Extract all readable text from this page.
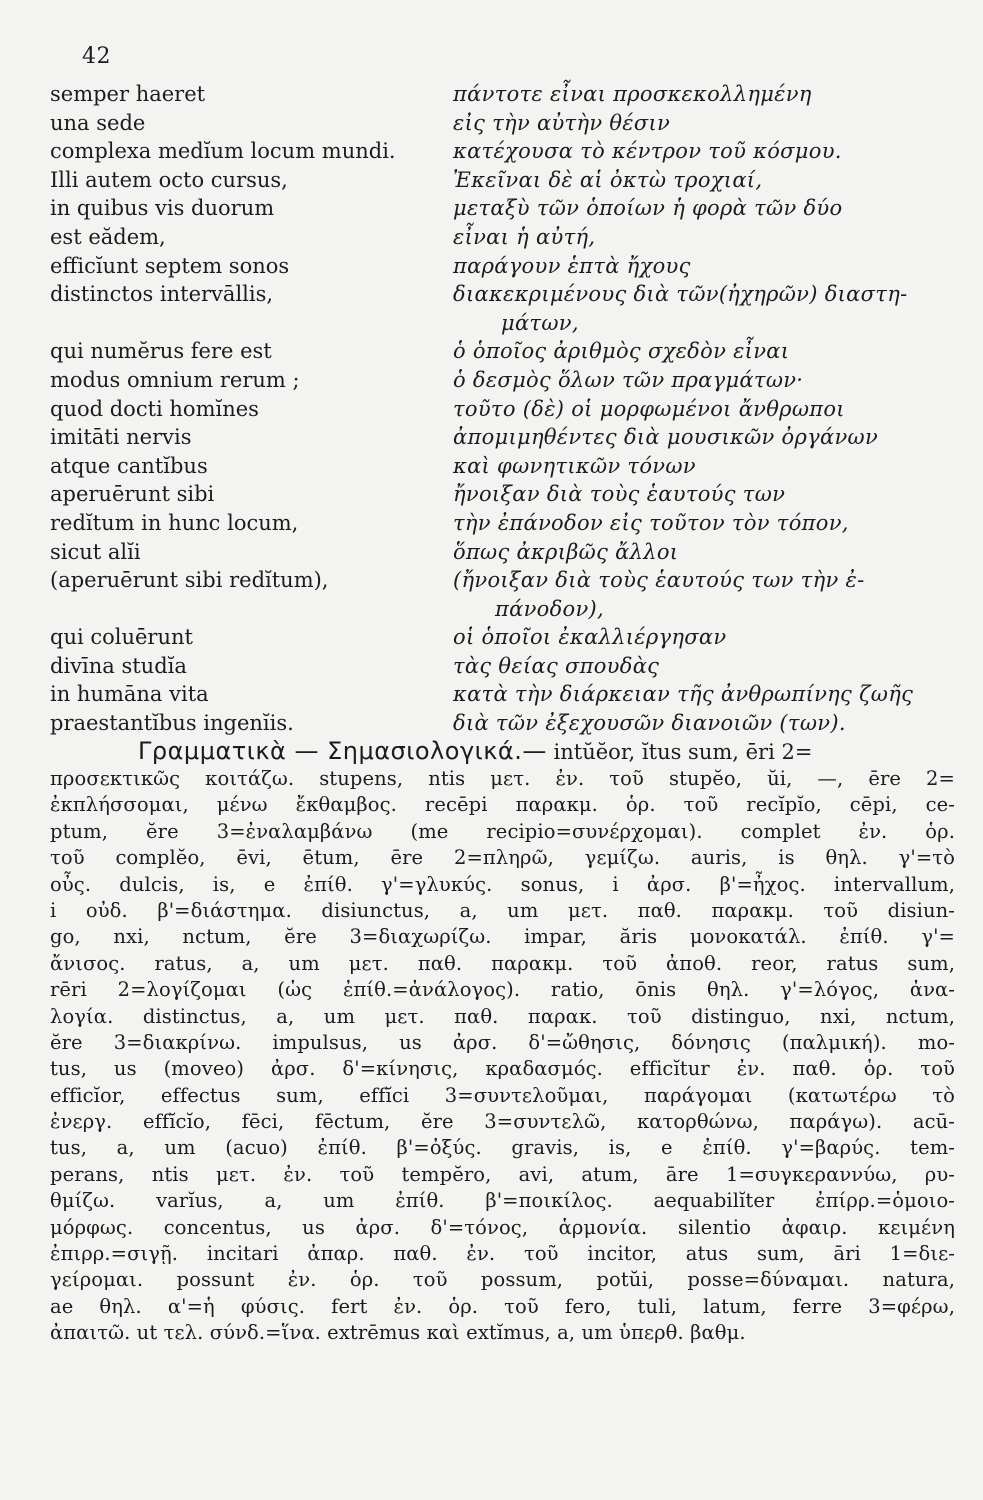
42
semper haeret	πάντοτε εἶναι προσκεκολλημένη
una sede	εἰς τὴν αὐτὴν θέσιν
complexa medĭum locum mundi.	κατέχουσα τὸ κέντρον τοῦ κόσμου.
Illi autem octo cursus,	Ἐκεῖναι δὲ αἱ ὀκτὼ τροχιαί,
in quibus vis duorum	μεταξὺ τῶν ὁποίων ἡ φορὰ τῶν δύο
est eădem,	εἶναι ἡ αὐτή,
efficĭunt septem sonos	παράγουν ἑπτὰ ἤχους
distinctos intervāllis,	διακεκριμένους διὰ τῶν(ἠχηρῶν) διαστη-
μάτων,
qui numĕrus fere est	ὁ ὁποῖος ἀριθμὸς σχεδὸν εἶναι
modus omnium rerum ;	ὁ δεσμὸς ὅλων τῶν πραγμάτων·
quod docti homĭnes	τοῦτο (δὲ) οἱ μορφωμένοι ἄνθρωποι
imitāti nervis	ἀπομιμηθέντες διὰ μουσικῶν ὀργάνων
atque cantĭbus	καὶ φωνητικῶν τόνων
aperuērunt sibi	ἤνοιξαν διὰ τοὺς ἑαυτούς των
redĭtum in hunc locum,	τὴν ἐπάνοδον εἰς τοῦτον τὸν τόπον,
sicut alĭi	ὅπως ἀκριβῶς ἄλλοι
(aperuērunt sibi redĭtum),	(ἤνοιξαν διὰ τοὺς ἑαυτούς των τὴν ἐ-
πάνοδον),
qui coluērunt	οἱ ὁποῖοι ἐκαλλιέργησαν
divīna studĭa	τὰς θείας σπουδὰς
in humāna vita	κατὰ τὴν διάρκειαν τῆς ἀνθρωπίνης ζωῆς
praestantĭbus ingenĭis.	διὰ τῶν ἐξεχουσῶν διανοιῶν (των).
Γραμματικὰ — Σημασιολογικά.— intŭĕor, ĭtus sum, ēri 2=
προσεκτικῶς κοιτάζω. stupens, ntis μετ. ἐν. τοῦ stupĕo, ŭi, —, ēre 2=
ἐκπλήσσομαι, μένω ἔκθαμβος. recēpi παρακμ. ὁρ. τοῦ recĭpĭo, cēpi, ce-
ptum, ĕre 3=ἐναλαμβάνω (me recipio=συνέρχομαι). complet ἐν. ὁρ.
τοῦ complĕo, ēvi, ētum, ēre 2=πληρῶ, γεμίζω. auris, is θηλ. γ'=τὸ
οὖς. dulcis, is, e ἐπίθ. γ'=γλυκύς. sonus, i ἀρσ. β'=ἦχος. intervallum,
i οὐδ. β'=διάστημα. disiunctus, a, um μετ. παθ. παρακμ. τοῦ disiun-
go, nxi, nctum, ĕre 3=διαχωρίζω. impar, ăris μονοκατάλ. ἐπίθ. γ'=
ἄνισος. ratus, a, um μετ. παθ. παρακμ. τοῦ ἀποθ. reor, ratus sum,
rēri 2=λογίζομαι (ὡς ἐπίθ.=ἀνάλογος). ratio, ōnis θηλ. γ'=λόγος, ἀνα-
λογία. distinctus, a, um μετ. παθ. παρακ. τοῦ distinguo, nxi, nctum,
ĕre 3=διακρίνω. impulsus, us ἀρσ. δ'=ὤθησις, δόνησις (παλμική). mo-
tus, us (moveo) ἀρσ. δ'=κίνησις, κραδασμός. efficĭtur ἐν. παθ. ὁρ. τοῦ
efficĭor, effectus sum, effĭci 3=συντελοῦμαι, παράγομαι (κατωτέρω τὸ
ἐνεργ. effĭcĭo, fēci, fēctum, ĕre 3=συντελῶ, κατορθώνω, παράγω). acū-
tus, a, um (acuo) ἐπίθ. β'=ὀξύς. gravis, is, e ἐπίθ. γ'=βαρύς. tem-
perans, ntis μετ. ἐν. τοῦ tempĕro, avi, atum, āre 1=συγκεραννύω, ρυ-
θμίζω. varĭus, a, um ἐπίθ. β'=ποικίλος. aequabilĭter ἐπίρρ.=ὁμοιο-
μόρφως. concentus, us ἀρσ. δ'=τόνος, ἁρμονία. silentio ἀφαιρ. κειμένη
ἐπιρρ.=σιγῇ. incitari ἀπαρ. παθ. ἐν. τοῦ incitor, atus sum, āri 1=διε-
γείρομαι. possunt ἐν. ὁρ. τοῦ possum, potŭi, posse=δύναμαι. natura,
ae θηλ. α'=ἡ φύσις. fert ἐν. ὁρ. τοῦ fero, tuli, latum, ferre 3=φέρω,
ἀπαιτῶ. ut τελ. σύνδ.=ἵνα. extrēmus καὶ extĭmus, a, um ὑπερθ. βαθμ.
